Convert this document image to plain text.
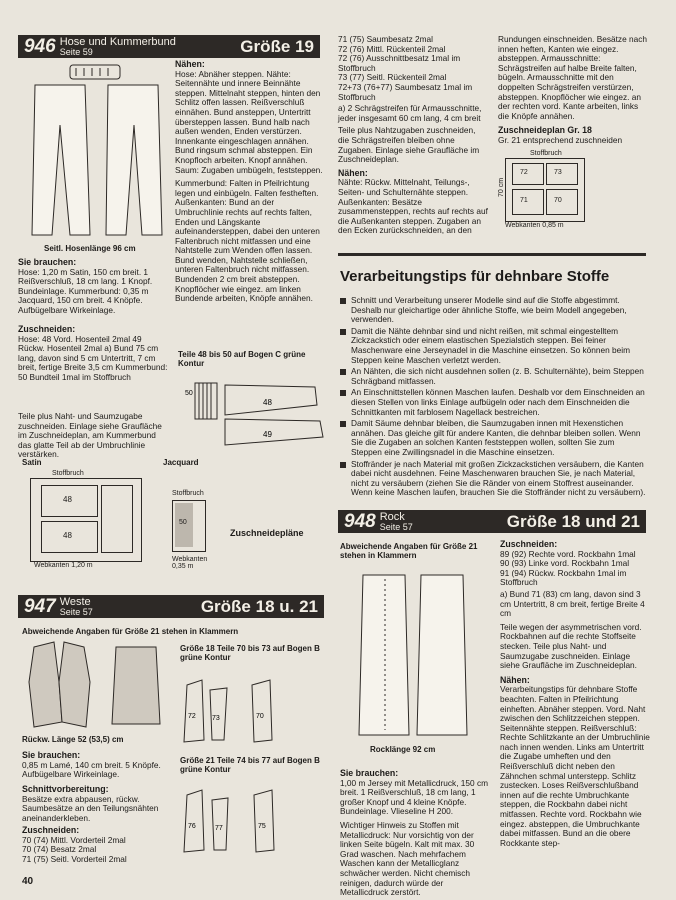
946 Hose und Kummerbund
Seite 59	Größe 19
Seitl. Hosenlänge 96 cm
Sie brauchen:
Hose: 1,20 m Satin, 150 cm breit. 1 Reißverschluß, 18 cm lang. 1 Knopf. Bundeinlage. Kummerbund: 0,35 m Jacquard, 150 cm breit. 4 Knöpfe. Aufbügelbare Wirkeinlage.
Zuschneiden:
Hose: 48 Vord. Hosenteil 2mal 49 Rückw. Hosenteil 2mal a) Bund 75 cm lang, davon sind 5 cm Untertritt, 7 cm breit, fertige Breite 3,5 cm Kummerbund: 50 Bundteil 1mal im Stoffbruch
Teile plus Naht- und Saumzugabe zuschneiden. Einlage siehe Graufläche im Zuschneideplan, am Kummerbund das glatte Teil ab der Umbruchlinie verstärken.
Nähen:
Hose: Abnäher steppen. Nähte: Seitennähte und innere Beinnähte steppen. Mittelnaht steppen, hinten den Schlitz offen lassen. Reißverschluß einnähen. Bund ansteppen, Untertritt übersteppen lassen. Bund halb nach außen wenden, Enden verstürzen. Innenkante eingeschlagen annähen. Bund ringsum schmal absteppen. Ein Knopfloch arbeiten. Knopf annähen. Saum: Zugaben umbügeln, feststeppen.
Kummerbund: Falten in Pfeilrichtung legen und einbügeln. Falten festheften. Außenkanten: Bund an der Umbruchlinie rechts auf rechts falten, Enden und Längskante aufeinandersteppen, dabei den unteren Faltenbruch nicht mitfassen und eine Nahtstelle zum Wenden offen lassen. Bund wenden, Nahtstelle schließen, unteren Faltenbruch nicht mitfassen. Bundenden 2 cm breit absteppen. Knopflöcher wie eingez. am linken Bundende arbeiten, Knöpfe annähen.
Teile 48 bis 50 auf Bogen C grüne Kontur
50
48
49
Satin	Jacquard
48
48
Stoffbruch
Webkanten 1,20 m
50
Stoffbruch
Webkanten 0,35 m
Zuschneidepläne
947 Weste
Seite 57	Größe 18 u. 21
Abweichende Angaben für Größe 21 stehen in Klammern
Rückw. Länge 52 (53,5) cm
Größe 18 Teile 70 bis 73 auf Bogen B grüne Kontur
72 73	70
Größe 21 Teile 74 bis 77 auf Bogen B grüne Kontur
76	77	75
Sie brauchen:
0,85 m Lamé, 140 cm breit. 5 Knöpfe. Aufbügelbare Wirkeinlage.
Schnittvorbereitung:
Besätze extra abpausen, rückw. Saumbesätze an den Teilungsnähten aneinanderkleben.
Zuschneiden:
70 (74) Mittl. Vorderteil 2mal
70 (74) Besatz 2mal
71 (75) Seitl. Vorderteil 2mal
40
71 (75) Saumbesatz 2mal
72 (76) Mittl. Rückenteil 2mal
72 (76) Ausschnittbesatz 1mal im Stoffbruch
73 (77) Seitl. Rückenteil 2mal
72+73 (76+77) Saumbesatz 1mal im Stoffbruch
a) 2 Schrägstreifen für Armausschnitte, jeder insgesamt 60 cm lang, 4 cm breit
Teile plus Nahtzugaben zuschneiden, die Schrägstreifen bleiben ohne Zugaben. Einlage siehe Graufläche im Zuschneideplan.
Nähen:
Nähte: Rückw. Mittelnaht, Teilungs-, Seiten- und Schulternähte steppen. Außenkanten: Besätze zusammensteppen, rechts auf rechts auf die Außenkanten steppen. Zugaben an den Ecken zurückschneiden, an den
Rundungen einschneiden. Besätze nach innen heften, Kanten wie eingez. absteppen. Armausschnitte: Schrägstreifen auf halbe Breite falten, bügeln. Armausschnitte mit den doppelten Schrägstreifen verstürzen, absteppen. Knopflöcher wie eingez. an der rechten vord. Kante arbeiten, links die Knöpfe annähen.
Zuschneideplan Gr. 18
Gr. 21 entsprechend zuschneiden
72	73
71	70
Stoffbruch
Webkanten 0,85 m
70 cm
Verarbeitungstips für dehnbare Stoffe
Schnitt und Verarbeitung unserer Modelle sind auf die Stoffe abgestimmt. Deshalb nur gleichartige oder ähnliche Stoffe, wie beim Modell angegeben, verwenden.
Damit die Nähte dehnbar sind und nicht reißen, mit schmal eingestelltem Zickzackstich oder einem elastischen Spezialstich steppen. Bei feiner Maschenware eine Jerseynadel in die Maschine einsetzen. So können beim Steppen keine Maschen verletzt werden.
An Nähten, die sich nicht ausdehnen sollen (z. B. Schulternähte), beim Steppen Schrägband mitfassen.
An Einschnittstellen können Maschen laufen. Deshalb vor dem Einschneiden an diesen Stellen von links Einlage aufbügeln oder nach dem Einschneiden die Schnittkanten mit farblosem Nagellack bestreichen.
Damit Säume dehnbar bleiben, die Saumzugaben innen mit Hexenstichen annähen. Das gleiche gilt für andere Kanten, die dehnbar bleiben sollen. Wenn Sie die Zugaben an solchen Kanten feststeppen wollen, sollten Sie zum Steppen eine Zwillingsnadel in die Maschine einsetzen.
Stoffränder je nach Material mit großen Zickzackstichen versäubern, die Kanten dabei nicht ausdehnen. Feine Maschenwaren brauchen Sie, je nach Material, nicht zu versäubern (ziehen Sie die Ränder von einem Stoffrest auseinander. Wenn keine Maschen laufen, brauchen Sie die Stoffränder nicht zu versäubern).
948 Rock
Seite 57	Größe 18 und 21
Abweichende Angaben für Größe 21 stehen in Klammern
Rocklänge 92 cm
Sie brauchen:
1,00 m Jersey mit Metallicdruck, 150 cm breit. 1 Reißverschluß, 18 cm lang, 1 großer Knopf und 4 kleine Knöpfe. Bundeinlage. Vlieseline H 200.
Wichtiger Hinweis zu Stoffen mit Metallicdruck: Nur vorsichtig von der linken Seite bügeln. Kalt mit max. 30 Grad waschen. Nach mehrfachem Waschen kann der Metallicglanz schwächer werden. Nicht chemisch reinigen, dadurch würde der Metallicdruck zerstört.
Zuschneiden:
89 (92) Rechte vord. Rockbahn 1mal
90 (93) Linke vord. Rockbahn 1mal
91 (94) Rückw. Rockbahn 1mal im Stoffbruch
a) Bund 71 (83) cm lang, davon sind 3 cm Untertritt, 8 cm breit, fertige Breite 4 cm
Teile wegen der asymmetrischen vord. Rockbahnen auf die rechte Stoffseite stecken. Teile plus Naht- und Saumzugabe zuschneiden. Einlage siehe Graufläche im Zuschneideplan.
Nähen:
Verarbeitungstips für dehnbare Stoffe beachten. Falten in Pfeilrichtung einheften. Abnäher steppen. Vord. Naht zwischen den Schlitzzeichen steppen. Seitennähte steppen. Reißverschluß: Rechte Schlitzkante an der Umbruchlinie nach innen wenden. Links am Untertritt die Zugabe umheften und den Reißverschluß dicht neben den Zähnchen schmal unterstepp. Schlitz zustecken. Loses Reißverschlußband innen auf die rechte Umbruchkante steppen, die Rockbahn dabei nicht mitfassen. Rechte vord. Rockbahn wie eingez. absteppen, die Umbruchkante dabei mitfassen. Bund an die obere Rockkante step-
